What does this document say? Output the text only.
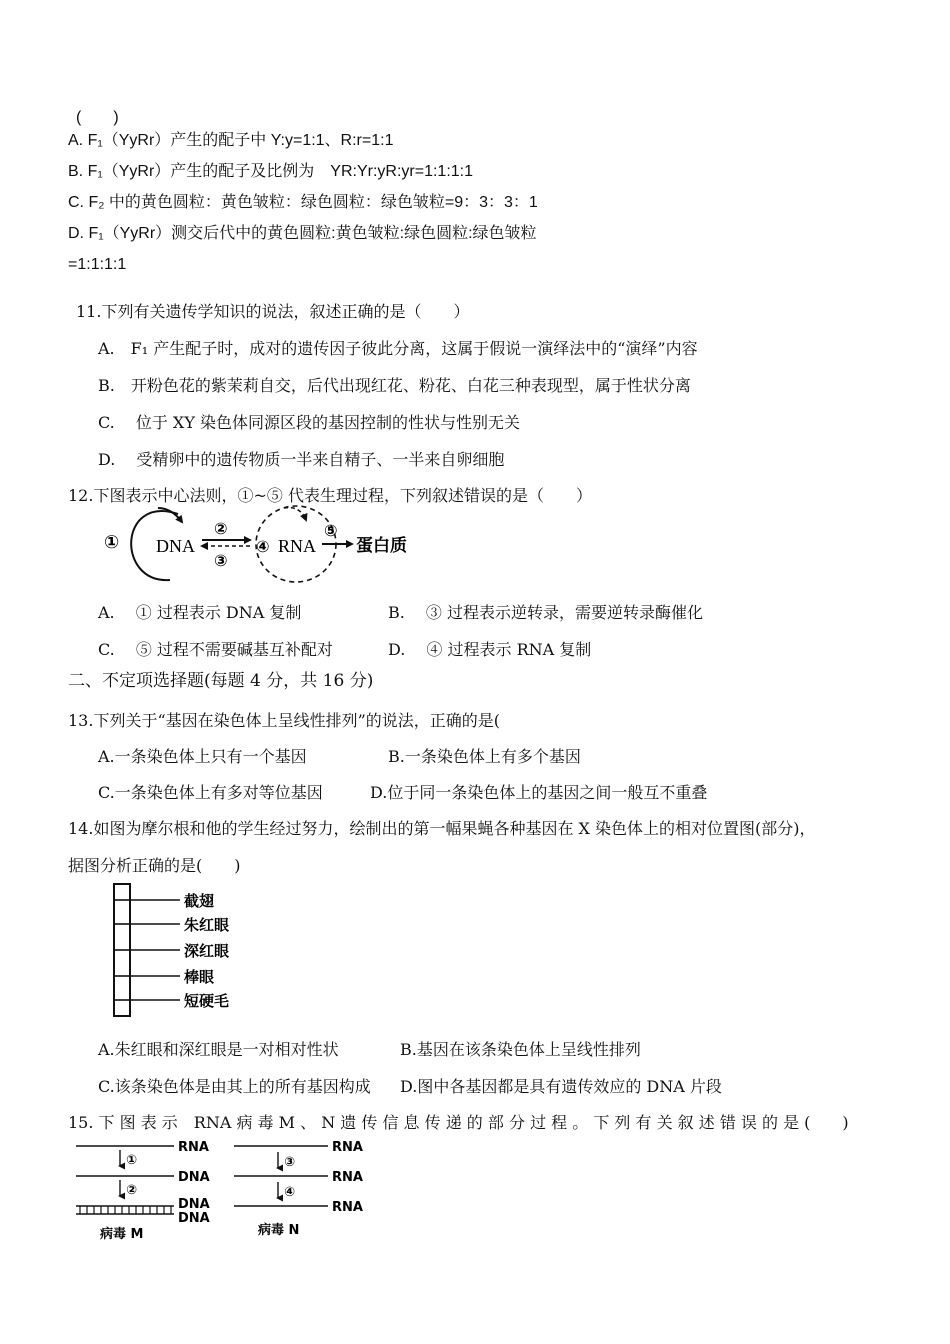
(　　)
A. F₁（YyRr）产生的配子中 Y:y=1:1、R:r=1:1
B. F₁（YyRr）产生的配子及比例为　YR:Yr:yR:yr=1:1:1:1
C. F₂ 中的黄色圆粒：黄色皱粒：绿色圆粒：绿色皱粒=9：3：3：1
D. F₁（YyRr）测交后代中的黄色圆粒:黄色皱粒:绿色圆粒:绿色皱粒
=1:1:1:1
11.下列有关遗传学知识的说法，叙述正确的是（　　）
A.　F₁ 产生配子时，成对的遗传因子彼此分离，这属于假说一演绎法中的“演绎”内容
B.　开粉色花的紫茉莉自交，后代出现红花、粉花、白花三种表现型，属于性状分离
C.　 位于 XY 染色体同源区段的基因控制的性状与性别无关
D.　 受精卵中的遗传物质一半来自精子、一半来自卵细胞
12.下图表示中心法则，①~⑤ 代表生理过程，下列叙述错误的是（　　）
① DNA
②
③
④ RNA
⑤
蛋白质
A.　 ① 过程表示 DNA 复制	B.　 ③ 过程表示逆转录，需要逆转录酶催化
C.　 ⑤ 过程不需要碱基互补配对	D.　 ④ 过程表示 RNA 复制
二、不定项选择题(每题 4 分，共 16 分)
13.下列关于“基因在染色体上呈线性排列”的说法，正确的是(
A.一条染色体上只有一个基因	B.一条染色体上有多个基因
C.一条染色体上有多对等位基因	D.位于同一条染色体上的基因之间一般互不重叠
14.如图为摩尔根和他的学生经过努力，绘制出的第一幅果蝇各种基因在 X 染色体上的相对位置图(部分)，
据图分析正确的是(　　)
截翅
朱红眼
深红眼
棒眼
短硬毛
A.朱红眼和深红眼是一对相对性状	B.基因在该条染色体上呈线性排列
C.该条染色体是由其上的所有基因构成 D.图中各基因都是具有遗传效应的 DNA 片段
15. 下 图 表 示　RNA 病 毒 M 、 N 遗 传 信 息 传 递 的 部 分 过 程 。 下 列 有 关 叙 述 错 误 的 是 (　　)
RNA
①
DNA
②
DNA
DNA
病毒 M
RNA
③
RNA
④
RNA
病毒 N
